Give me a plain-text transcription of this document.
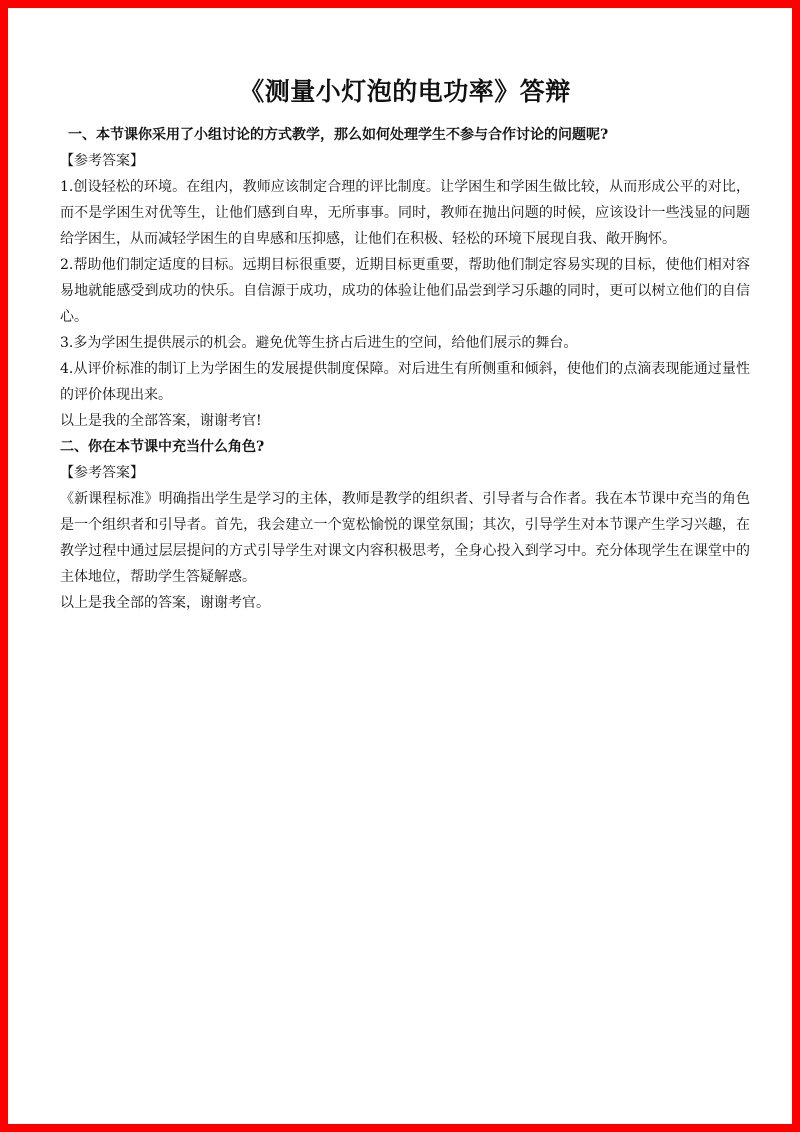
《测量小灯泡的电功率》答辩

一、本节课你采用了小组讨论的方式教学，那么如何处理学生不参与合作讨论的问题呢?

【参考答案】

1.创设轻松的环境。在组内，教师应该制定合理的评比制度。让学困生和学困生做比较，从而形成公平的对比，而不是学困生对优等生，让他们感到自卑，无所事事。同时，教师在抛出问题的时候，应该设计一些浅显的问题给学困生，从而减轻学困生的自卑感和压抑感，让他们在积极、轻松的环境下展现自我、敞开胸怀。

2.帮助他们制定适度的目标。远期目标很重要，近期目标更重要，帮助他们制定容易实现的目标，使他们相对容易地就能感受到成功的快乐。自信源于成功，成功的体验让他们品尝到学习乐趣的同时，更可以树立他们的自信心。

3.多为学困生提供展示的机会。避免优等生挤占后进生的空间，给他们展示的舞台。

4.从评价标准的制订上为学困生的发展提供制度保障。对后进生有所侧重和倾斜，使他们的点滴表现能通过量性的评价体现出来。

以上是我的全部答案，谢谢考官!

二、你在本节课中充当什么角色?

【参考答案】

《新课程标准》明确指出学生是学习的主体，教师是教学的组织者、引导者与合作者。我在本节课中充当的角色是一个组织者和引导者。首先，我会建立一个宽松愉悦的课堂氛围；其次，引导学生对本节课产生学习兴趣，在教学过程中通过层层提问的方式引导学生对课文内容积极思考，全身心投入到学习中。充分体现学生在课堂中的主体地位，帮助学生答疑解惑。

以上是我全部的答案，谢谢考官。
